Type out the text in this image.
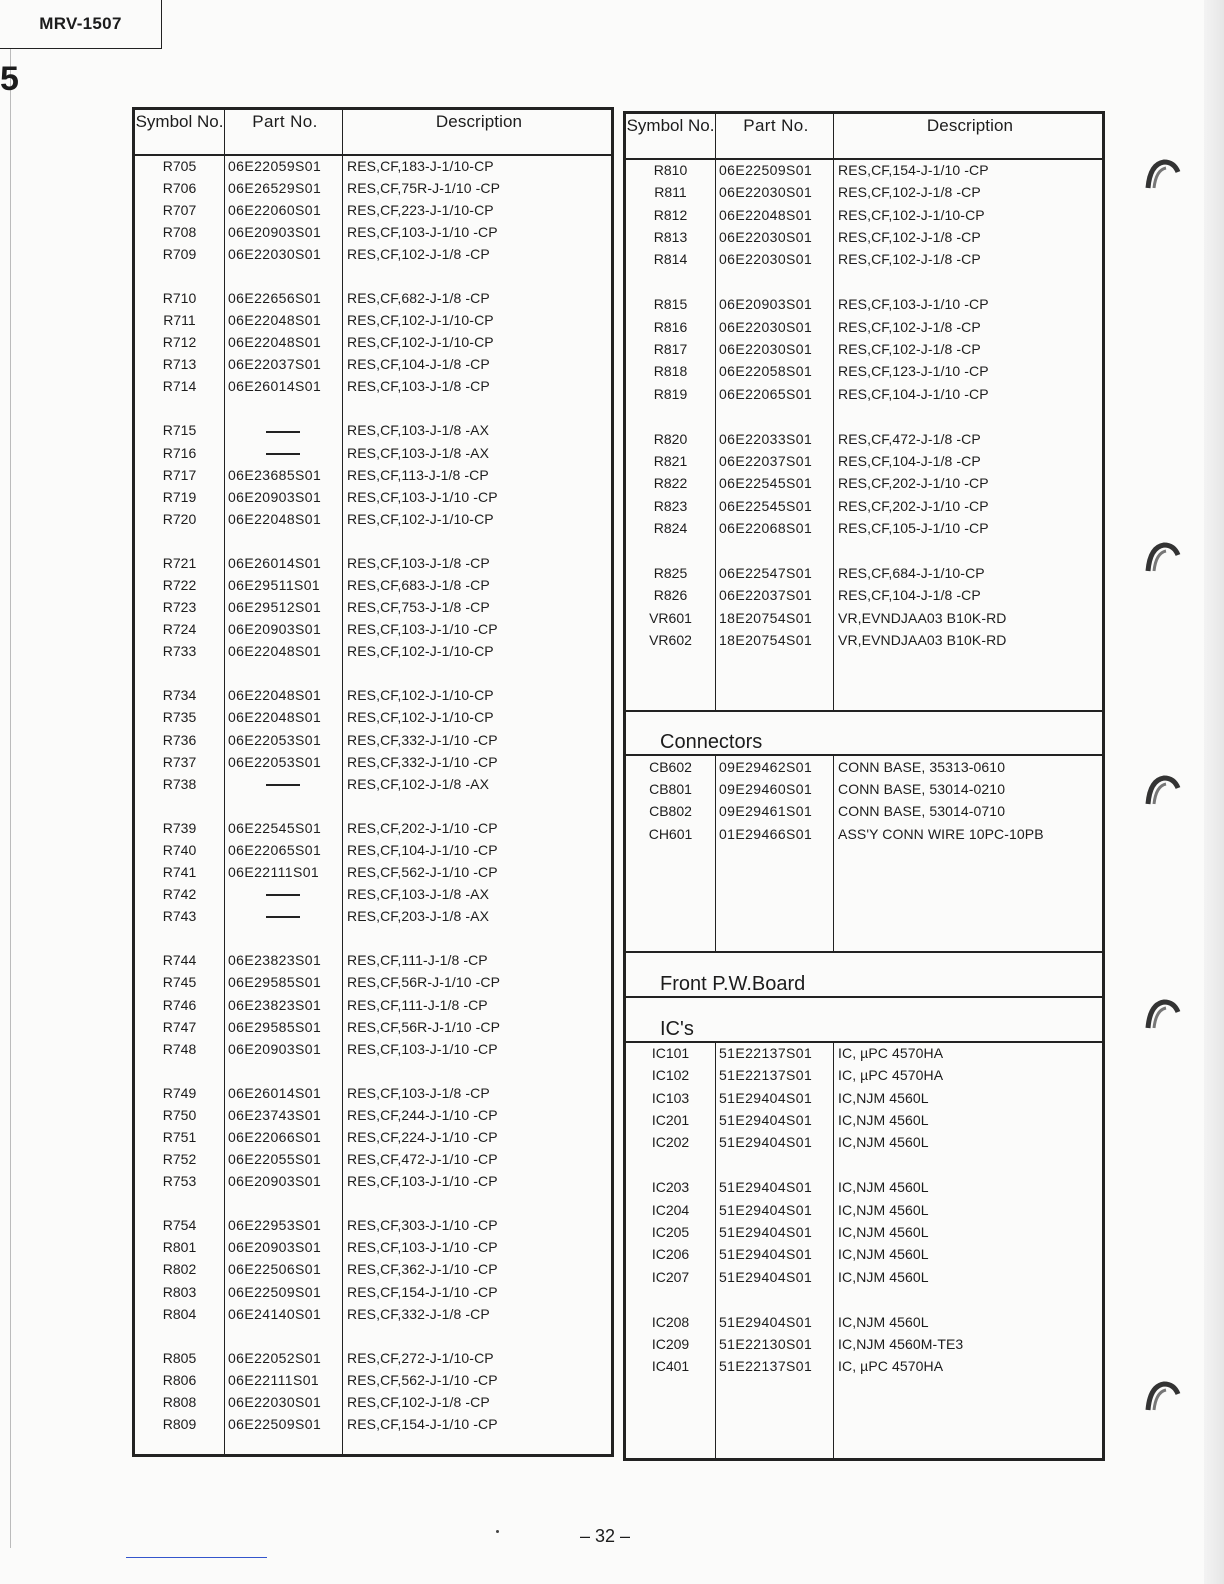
MRV-1507
5
Symbol No.	Part No.	Description
R705	06E22059S01	RES,CF,183-J-1/10-CP
R706	06E26529S01	RES,CF,75R-J-1/10 -CP
R707	06E22060S01	RES,CF,223-J-1/10-CP
R708	06E20903S01	RES,CF,103-J-1/10 -CP
R709	06E22030S01	RES,CF,102-J-1/8 -CP

R710	06E22656S01	RES,CF,682-J-1/8 -CP
R711	06E22048S01	RES,CF,102-J-1/10-CP
R712	06E22048S01	RES,CF,102-J-1/10-CP
R713	06E22037S01	RES,CF,104-J-1/8 -CP
R714	06E26014S01	RES,CF,103-J-1/8 -CP

R715		RES,CF,103-J-1/8 -AX
R716		RES,CF,103-J-1/8 -AX
R717	06E23685S01	RES,CF,113-J-1/8 -CP
R719	06E20903S01	RES,CF,103-J-1/10 -CP
R720	06E22048S01	RES,CF,102-J-1/10-CP

R721	06E26014S01	RES,CF,103-J-1/8 -CP
R722	06E29511S01	RES,CF,683-J-1/8 -CP
R723	06E29512S01	RES,CF,753-J-1/8 -CP
R724	06E20903S01	RES,CF,103-J-1/10 -CP
R733	06E22048S01	RES,CF,102-J-1/10-CP

R734	06E22048S01	RES,CF,102-J-1/10-CP
R735	06E22048S01	RES,CF,102-J-1/10-CP
R736	06E22053S01	RES,CF,332-J-1/10 -CP
R737	06E22053S01	RES,CF,332-J-1/10 -CP
R738		RES,CF,102-J-1/8 -AX

R739	06E22545S01	RES,CF,202-J-1/10 -CP
R740	06E22065S01	RES,CF,104-J-1/10 -CP
R741	06E22111S01	RES,CF,562-J-1/10 -CP
R742		RES,CF,103-J-1/8 -AX
R743		RES,CF,203-J-1/8 -AX

R744	06E23823S01	RES,CF,111-J-1/8 -CP
R745	06E29585S01	RES,CF,56R-J-1/10 -CP
R746	06E23823S01	RES,CF,111-J-1/8 -CP
R747	06E29585S01	RES,CF,56R-J-1/10 -CP
R748	06E20903S01	RES,CF,103-J-1/10 -CP

R749	06E26014S01	RES,CF,103-J-1/8 -CP
R750	06E23743S01	RES,CF,244-J-1/10 -CP
R751	06E22066S01	RES,CF,224-J-1/10 -CP
R752	06E22055S01	RES,CF,472-J-1/10 -CP
R753	06E20903S01	RES,CF,103-J-1/10 -CP

R754	06E22953S01	RES,CF,303-J-1/10 -CP
R801	06E20903S01	RES,CF,103-J-1/10 -CP
R802	06E22506S01	RES,CF,362-J-1/10 -CP
R803	06E22509S01	RES,CF,154-J-1/10 -CP
R804	06E24140S01	RES,CF,332-J-1/8 -CP

R805	06E22052S01	RES,CF,272-J-1/10-CP
R806	06E22111S01	RES,CF,562-J-1/10 -CP
R808	06E22030S01	RES,CF,102-J-1/8 -CP
R809	06E22509S01	RES,CF,154-J-1/10 -CP

Symbol No.	Part No.	Description
R810	06E22509S01	RES,CF,154-J-1/10 -CP
R811	06E22030S01	RES,CF,102-J-1/8 -CP
R812	06E22048S01	RES,CF,102-J-1/10-CP
R813	06E22030S01	RES,CF,102-J-1/8 -CP
R814	06E22030S01	RES,CF,102-J-1/8 -CP

R815	06E20903S01	RES,CF,103-J-1/10 -CP
R816	06E22030S01	RES,CF,102-J-1/8 -CP
R817	06E22030S01	RES,CF,102-J-1/8 -CP
R818	06E22058S01	RES,CF,123-J-1/10 -CP
R819	06E22065S01	RES,CF,104-J-1/10 -CP

R820	06E22033S01	RES,CF,472-J-1/8 -CP
R821	06E22037S01	RES,CF,104-J-1/8 -CP
R822	06E22545S01	RES,CF,202-J-1/10 -CP
R823	06E22545S01	RES,CF,202-J-1/10 -CP
R824	06E22068S01	RES,CF,105-J-1/10 -CP

R825	06E22547S01	RES,CF,684-J-1/10-CP
R826	06E22037S01	RES,CF,104-J-1/8 -CP
VR601	18E20754S01	VR,EVNDJAA03 B10K-RD
VR602	18E20754S01	VR,EVNDJAA03 B10K-RD

Connectors		
CB602	09E29462S01	CONN BASE, 35313-0610
CB801	09E29460S01	CONN BASE, 53014-0210
CB802	09E29461S01	CONN BASE, 53014-0710
CH601	01E29466S01	ASS'Y CONN WIRE 10PC-10PB

Front P.W.Board		
IC's		
IC101	51E22137S01	IC, µPC 4570HA
IC102	51E22137S01	IC, µPC 4570HA
IC103	51E29404S01	IC,NJM 4560L
IC201	51E29404S01	IC,NJM 4560L
IC202	51E29404S01	IC,NJM 4560L

IC203	51E29404S01	IC,NJM 4560L
IC204	51E29404S01	IC,NJM 4560L
IC205	51E29404S01	IC,NJM 4560L
IC206	51E29404S01	IC,NJM 4560L
IC207	51E29404S01	IC,NJM 4560L

IC208	51E29404S01	IC,NJM 4560L
IC209	51E22130S01	IC,NJM 4560M-TE3
IC401	51E22137S01	IC, µPC 4570HA

– 32 –
